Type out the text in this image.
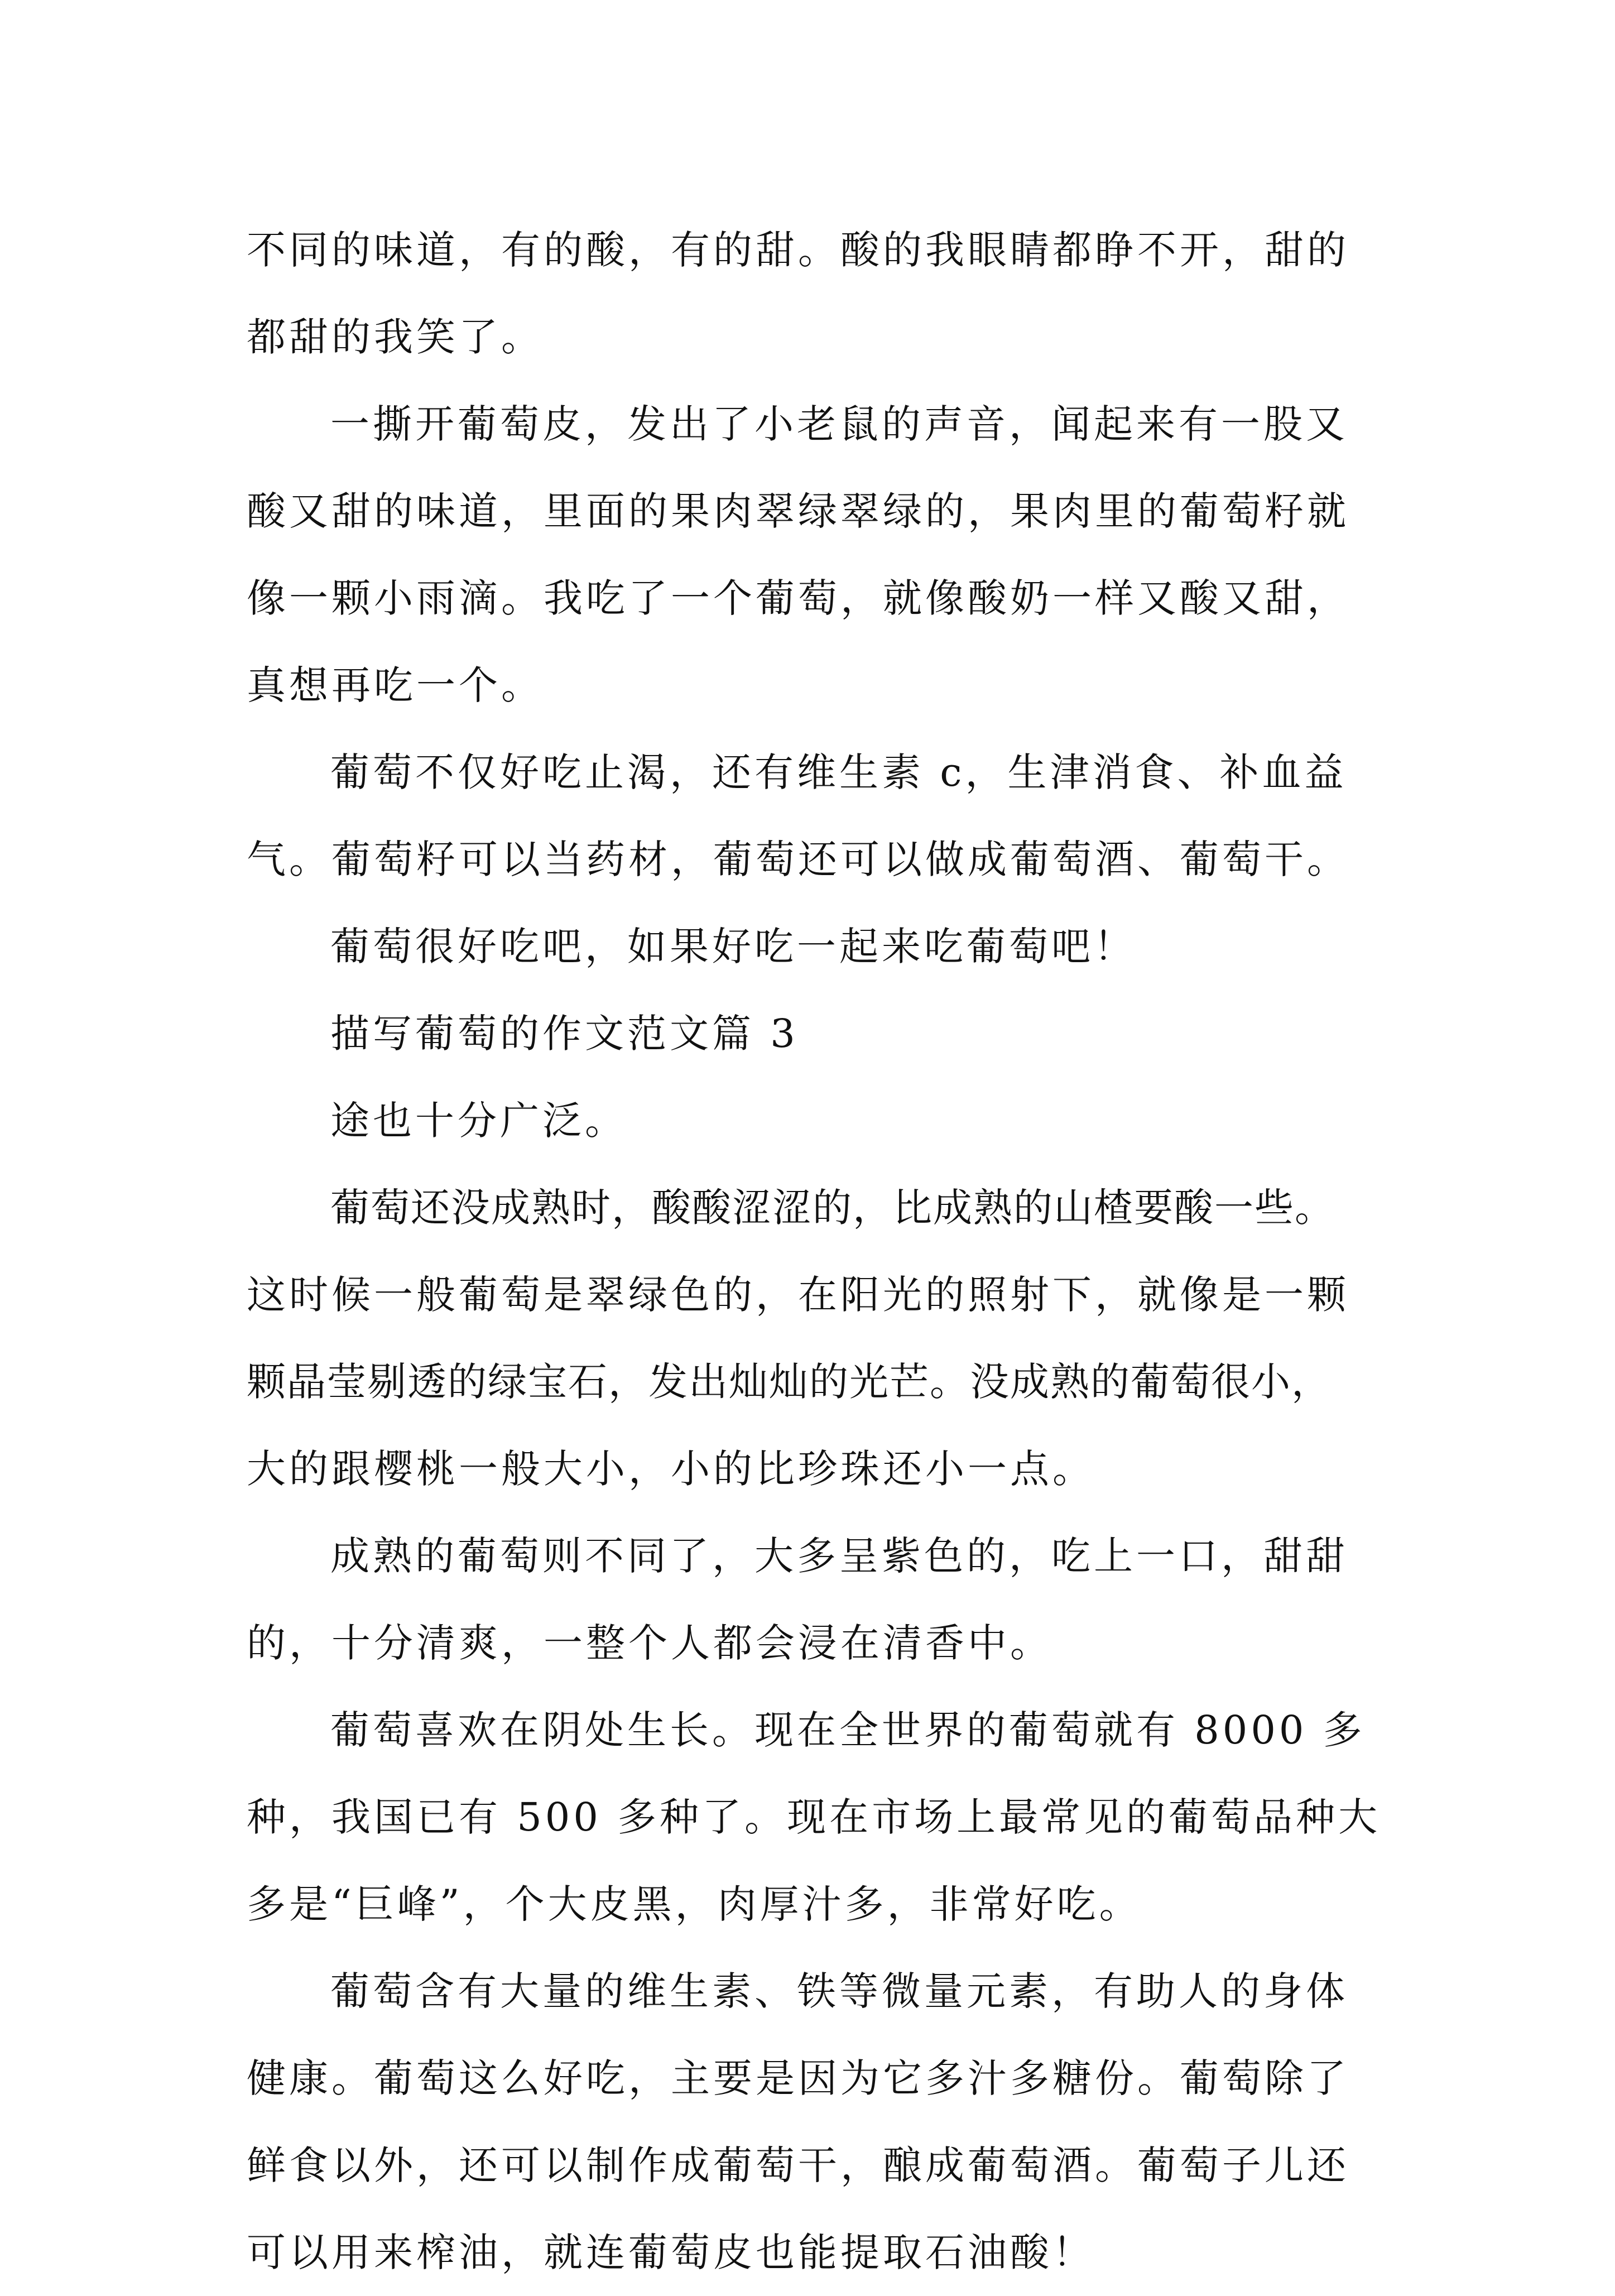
不同的味道，有的酸，有的甜。酸的我眼睛都睁不开，甜的
都甜的我笑了。
一撕开葡萄皮，发出了小老鼠的声音，闻起来有一股又
酸又甜的味道，里面的果肉翠绿翠绿的，果肉里的葡萄籽就
像一颗小雨滴。我吃了一个葡萄，就像酸奶一样又酸又甜，
真想再吃一个。
葡萄不仅好吃止渴，还有维生素 c，生津消食、补血益
气。葡萄籽可以当药材，葡萄还可以做成葡萄酒、葡萄干。
葡萄很好吃吧，如果好吃一起来吃葡萄吧！
描写葡萄的作文范文篇 3
途也十分广泛。
葡萄还没成熟时，酸酸涩涩的，比成熟的山楂要酸一些。
这时候一般葡萄是翠绿色的，在阳光的照射下，就像是一颗
颗晶莹剔透的绿宝石，发出灿灿的光芒。没成熟的葡萄很小，
大的跟樱桃一般大小，小的比珍珠还小一点。
成熟的葡萄则不同了，大多呈紫色的，吃上一口，甜甜
的，十分清爽，一整个人都会浸在清香中。
葡萄喜欢在阴处生长。现在全世界的葡萄就有 8000 多
种，我国已有 500 多种了。现在市场上最常见的葡萄品种大
多是“巨峰”，个大皮黑，肉厚汁多，非常好吃。
葡萄含有大量的维生素、铁等微量元素，有助人的身体
健康。葡萄这么好吃，主要是因为它多汁多糖份。葡萄除了
鲜食以外，还可以制作成葡萄干，酿成葡萄酒。葡萄子儿还
可以用来榨油，就连葡萄皮也能提取石油酸！
